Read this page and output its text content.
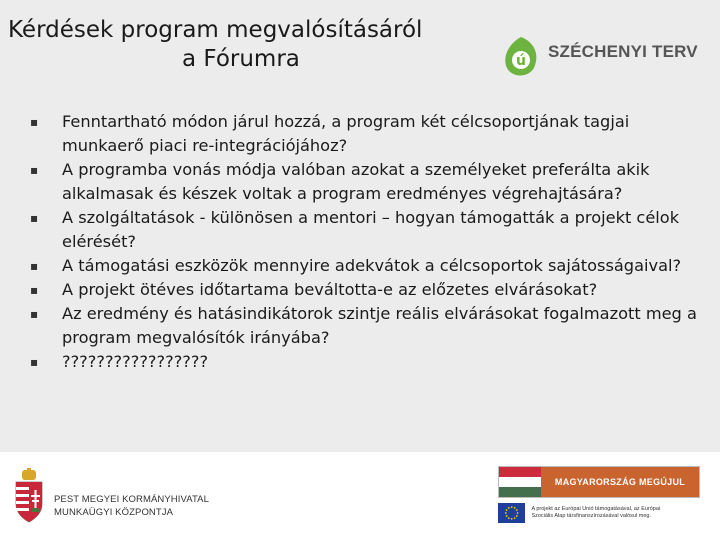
Kérdések program megvalósításáról
a Fórumra	ú SZÉCHENYI TERV
▪ Fenntartható módon járul hozzá, a program két célcsoportjának tagjai munkaerő piaci re-integrációjához?
▪ A programba vonás módja valóban azokat a személyeket preferálta akik alkalmasak és készek voltak a program eredményes végrehajtására?
▪ A szolgáltatások - különösen a mentori – hogyan támogatták a projekt célok elérését?
▪ A támogatási eszközök mennyire adekvátok a célcsoportok sajátosságaival?
▪ A projekt ötéves időtartama beváltotta-e az előzetes elvárásokat?
▪ Az eredmény és hatásindikátorok szintje reális elvárásokat fogalmazott meg a program megvalósítók irányába?
▪ ?????????????????
PEST MEGYEI KORMÁNYHIVATAL
MUNKAÜGYI KÖZPONTJA
MAGYARORSZÁG MEGÚJUL
A projekt az Európai Unió támogatásával, az Európai
Szociális Alap társfinanszírozásával valósul meg.
